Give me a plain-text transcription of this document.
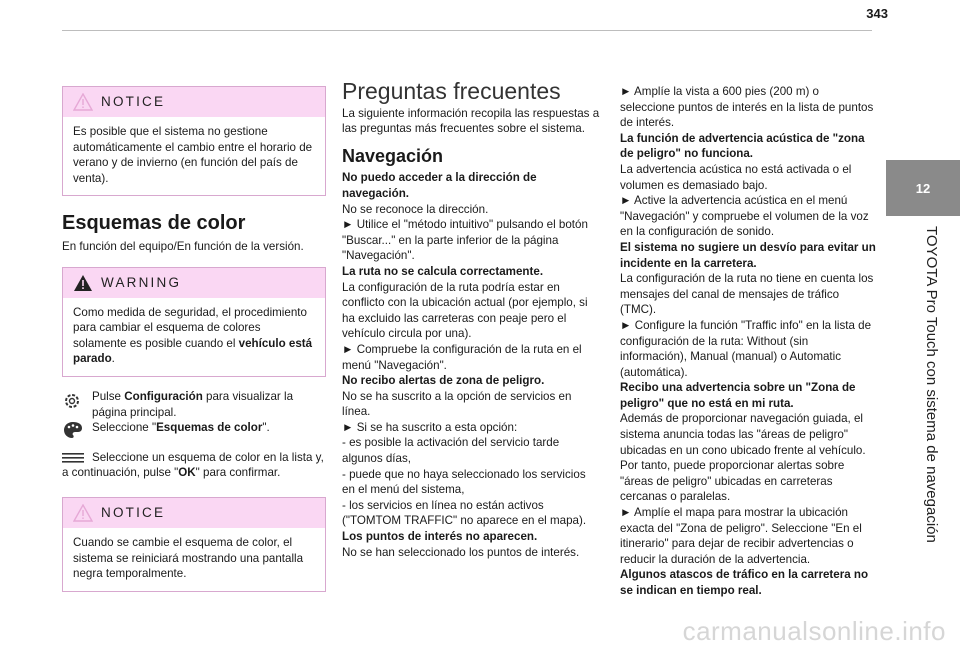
343
12
TOYOTA Pro Touch con sistema de navegación
NOTICE

Es posible que el sistema no gestione automáticamente el cambio entre el horario de verano y de invierno (en función del país de venta).

Esquemas de color

En función del equipo/En función de la versión.

WARNING

Como medida de seguridad, el procedimiento para cambiar el esquema de colores solamente es posible cuando el vehículo está parado.

Pulse Configuración para visualizar la página principal.

Seleccione "Esquemas de color".

Seleccione un esquema de color en la lista y, a continuación, pulse "OK" para confirmar.

NOTICE

Cuando se cambie el esquema de color, el sistema se reiniciará mostrando una pantalla negra temporalmente.

Preguntas frecuentes

La siguiente información recopila las respuestas a las preguntas más frecuentes sobre el sistema.

Navegación

No puedo acceder a la dirección de navegación.

No se reconoce la dirección.

► Utilice el "método intuitivo" pulsando el botón "Buscar..." en la parte inferior de la página "Navegación".

La ruta no se calcula correctamente.

La configuración de la ruta podría estar en conflicto con la ubicación actual (por ejemplo, si ha excluido las carreteras con peaje pero el vehículo circula por una).

► Compruebe la configuración de la ruta en el menú "Navegación".

No recibo alertas de zona de peligro.

No se ha suscrito a la opción de servicios en línea.

► Si se ha suscrito a esta opción:

- es posible la activación del servicio tarde algunos días,

- puede que no haya seleccionado los servicios en el menú del sistema,

- los servicios en línea no están activos ("TOMTOM TRAFFIC" no aparece en el mapa).

Los puntos de interés no aparecen.

No se han seleccionado los puntos de interés.

► Amplíe la vista a 600 pies (200 m) o seleccione puntos de interés en la lista de puntos de interés.

La función de advertencia acústica de "zona de peligro" no funciona.

La advertencia acústica no está activada o el volumen es demasiado bajo.

► Active la advertencia acústica en el menú "Navegación" y compruebe el volumen de la voz en la configuración de sonido.

El sistema no sugiere un desvío para evitar un incidente en la carretera.

La configuración de la ruta no tiene en cuenta los mensajes del canal de mensajes de tráfico (TMC).

► Configure la función "Traffic info" en la lista de configuración de la ruta: Without (sin información), Manual (manual) o Automatic (automática).

Recibo una advertencia sobre un "Zona de peligro" que no está en mi ruta.

Además de proporcionar navegación guiada, el sistema anuncia todas las "áreas de peligro" ubicadas en un cono ubicado frente al vehículo. Por tanto, puede proporcionar alertas sobre "áreas de peligro" ubicadas en carreteras cercanas o paralelas.

► Amplíe el mapa para mostrar la ubicación exacta del "Zona de peligro". Seleccione "En el itinerario" para dejar de recibir advertencias o reducir la duración de la advertencia.

Algunos atascos de tráfico en la carretera no se indican en tiempo real.

carmanualsonline.info
